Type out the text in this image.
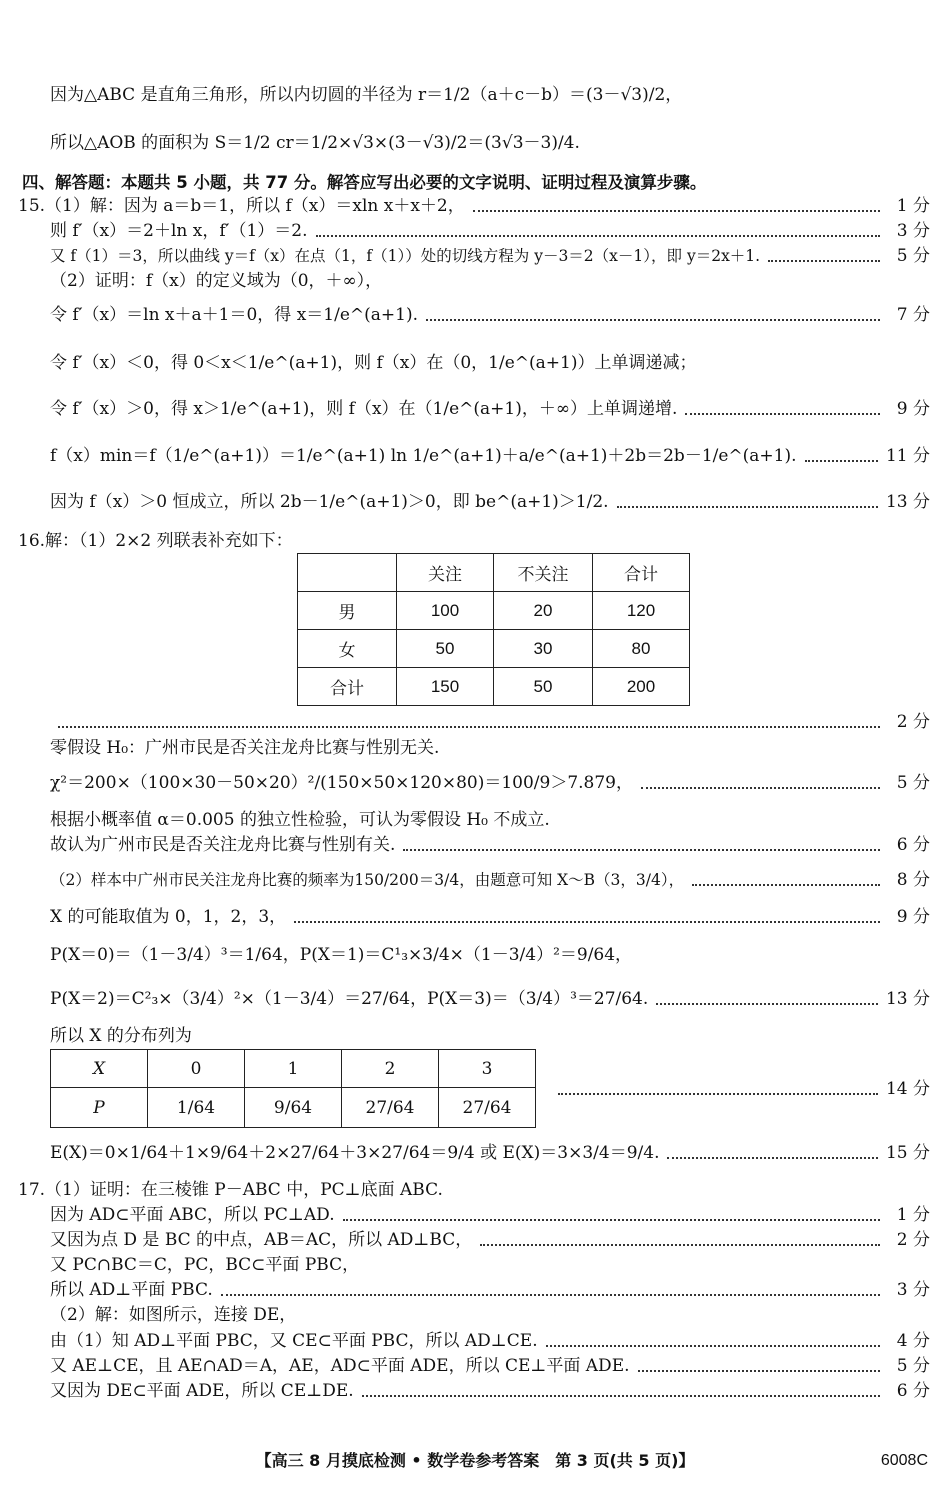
因为△ABC 是直角三角形，所以内切圆的半径为 r＝1/2（a＋c－b）＝(3－√3)/2，
所以△AOB 的面积为 S＝1/2 cr＝1/2×√3×(3－√3)/2＝(3√3－3)/4.
四、解答题：本题共 5 小题，共 77 分。解答应写出必要的文字说明、证明过程及演算步骤。
15.（1）解：因为 a＝b＝1，所以 f（x）＝xln x＋x＋2，	1 分
则 f′（x）＝2＋ln x，f′（1）＝2.	3 分
又 f（1）＝3，所以曲线 y＝f（x）在点（1，f（1））处的切线方程为 y－3＝2（x－1），即 y＝2x＋1.	5 分
（2）证明：f（x）的定义域为（0，＋∞），
令 f′（x）＝ln x＋a＋1＝0，得 x＝1/e^(a+1).	7 分
令 f′（x）＜0，得 0＜x＜1/e^(a+1)，则 f（x）在（0，1/e^(a+1)）上单调递减；
令 f′（x）＞0，得 x＞1/e^(a+1)，则 f（x）在（1/e^(a+1)，＋∞）上单调递增.	9 分
f（x）min＝f（1/e^(a+1)）＝1/e^(a+1) ln 1/e^(a+1)＋a/e^(a+1)＋2b＝2b－1/e^(a+1).	11 分
因为 f（x）＞0 恒成立，所以 2b－1/e^(a+1)＞0，即 be^(a+1)＞1/2.	13 分
16.解：（1）2×2 列联表补充如下：
	关注	不关注	合计
男	100	20	120
女	50	30	80
合计	150	50	200
2 分
零假设 H₀：广州市民是否关注龙舟比赛与性别无关.
χ²＝200×（100×30－50×20）²/(150×50×120×80)＝100/9＞7.879，	5 分
根据小概率值 α＝0.005 的独立性检验，可认为零假设 H₀ 不成立.
故认为广州市民是否关注龙舟比赛与性别有关.	6 分
（2）样本中广州市民关注龙舟比赛的频率为150/200＝3/4，由题意可知 X～B（3，3/4），	8 分
X 的可能取值为 0，1，2，3，	9 分
P(X＝0)＝（1－3/4）³＝1/64，P(X＝1)＝C¹₃×3/4×（1－3/4）²＝9/64，
P(X＝2)＝C²₃×（3/4）²×（1－3/4）＝27/64，P(X＝3)＝（3/4）³＝27/64.	13 分
所以 X 的分布列为
X	0	1	2	3
P	1/64	9/64	27/64	27/64
14 分
E(X)＝0×1/64＋1×9/64＋2×27/64＋3×27/64＝9/4 或 E(X)＝3×3/4＝9/4.	15 分
17.（1）证明：在三棱锥 P－ABC 中，PC⊥底面 ABC.
因为 AD⊂平面 ABC，所以 PC⊥AD.	1 分
又因为点 D 是 BC 的中点，AB＝AC，所以 AD⊥BC，	2 分
又 PC∩BC＝C，PC，BC⊂平面 PBC，
所以 AD⊥平面 PBC.	3 分
（2）解：如图所示，连接 DE，
由（1）知 AD⊥平面 PBC，又 CE⊂平面 PBC，所以 AD⊥CE.	4 分
又 AE⊥CE，且 AE∩AD＝A，AE，AD⊂平面 ADE，所以 CE⊥平面 ADE.	5 分
又因为 DE⊂平面 ADE，所以 CE⊥DE.	6 分
【高三 8 月摸底检测 • 数学卷参考答案　第 3 页(共 5 页)】	6008C
